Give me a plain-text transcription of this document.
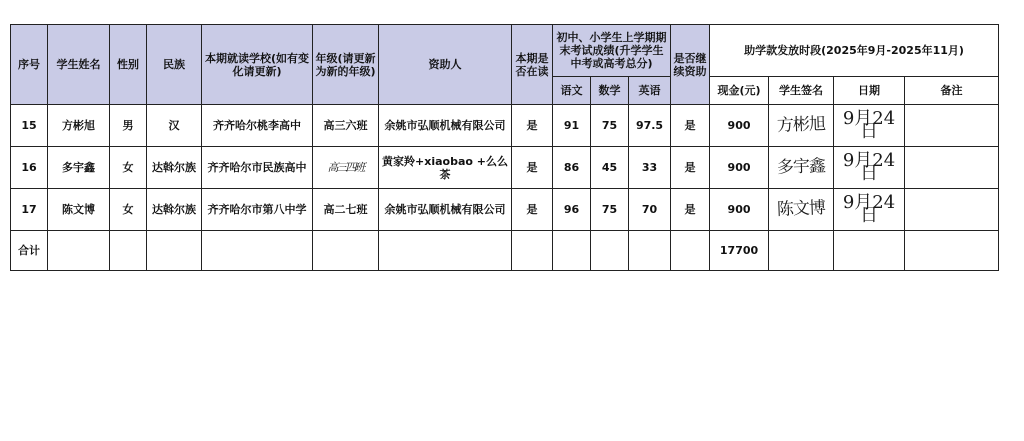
序号	学生姓名	性别	民族	本期就读学校(如有变化请更新)	年级(请更新为新的年级)	资助人	本期是否在读	初中、小学生上学期期末考试成绩(升学学生中考或高考总分)			是否继续资助	助学款发放时段(2025年9月-2025年11月)			
								语文	数学	英语		现金(元)	学生签名	日期	备注
15	方彬旭	男	汉	齐齐哈尔桃李高中	高三六班	余姚市弘顺机械有限公司	是	91	75	97.5	是	900	方彬旭	9月24日	
16	多宇鑫	女	达斡尔族	齐齐哈尔市民族高中	高三四班	黄家羚+xiaobao +么么茶	是	86	45	33	是	900	多宇鑫	9月24日	
17	陈文博	女	达斡尔族	齐齐哈尔市第八中学	高二七班	余姚市弘顺机械有限公司	是	96	75	70	是	900	陈文博	9月24日	
合计												17700			
